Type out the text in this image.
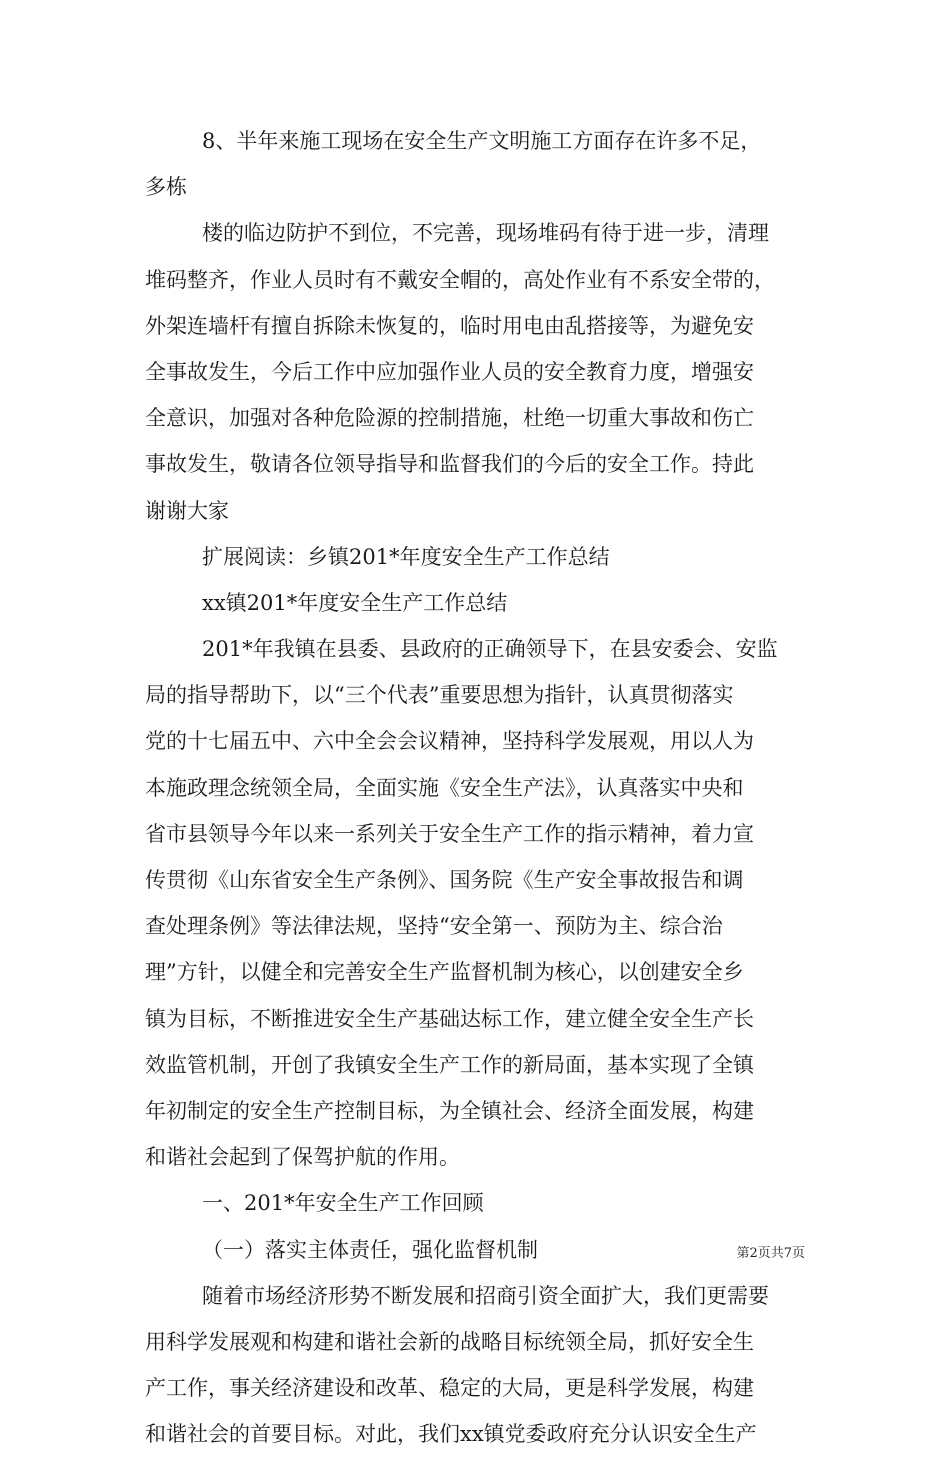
8、半年来施工现场在安全生产文明施工方面存在许多不足，
多栋
楼的临边防护不到位，不完善，现场堆码有待于进一步，清理
堆码整齐，作业人员时有不戴安全帽的，高处作业有不系安全带的，
外架连墙杆有擅自拆除未恢复的，临时用电由乱搭接等，为避免安
全事故发生，今后工作中应加强作业人员的安全教育力度，增强安
全意识，加强对各种危险源的控制措施，杜绝一切重大事故和伤亡
事故发生，敬请各位领导指导和监督我们的今后的安全工作。持此
谢谢大家
扩展阅读：乡镇201*年度安全生产工作总结
xx镇201*年度安全生产工作总结
201*年我镇在县委、县政府的正确领导下，在县安委会、安监
局的指导帮助下，以“三个代表”重要思想为指针，认真贯彻落实
党的十七届五中、六中全会会议精神，坚持科学发展观，用以人为
本施政理念统领全局，全面实施《安全生产法》，认真落实中央和
省市县领导今年以来一系列关于安全生产工作的指示精神，着力宣
传贯彻《山东省安全生产条例》、国务院《生产安全事故报告和调
查处理条例》等法律法规，坚持“安全第一、预防为主、综合治
理”方针，以健全和完善安全生产监督机制为核心，以创建安全乡
镇为目标，不断推进安全生产基础达标工作，建立健全安全生产长
效监管机制，开创了我镇安全生产工作的新局面，基本实现了全镇
年初制定的安全生产控制目标，为全镇社会、经济全面发展，构建
和谐社会起到了保驾护航的作用。
一、201*年安全生产工作回顾
（一）落实主体责任，强化监督机制
随着市场经济形势不断发展和招商引资全面扩大，我们更需要
用科学发展观和构建和谐社会新的战略目标统领全局，抓好安全生
产工作，事关经济建设和改革、稳定的大局，更是科学发展，构建
和谐社会的首要目标。对此，我们xx镇党委政府充分认识安全生产
第2页共7页
